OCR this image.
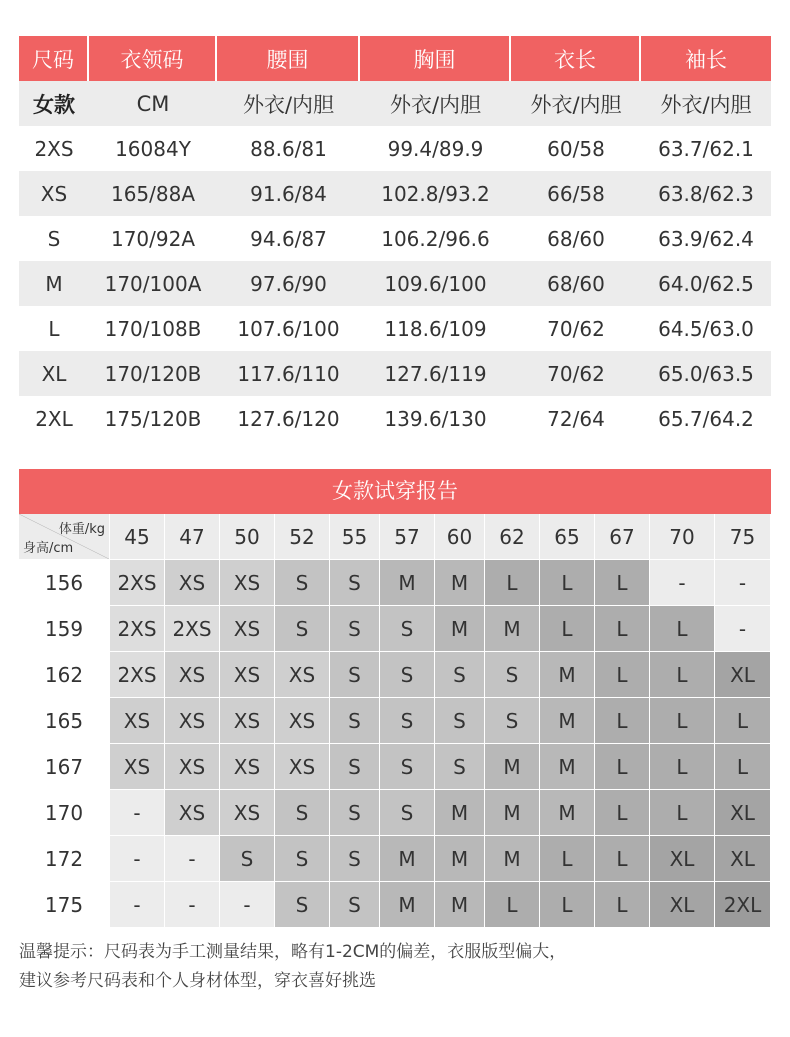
尺码	衣领码	腰围	胸围	衣长	袖长
女款	CM	外衣/内胆	外衣/内胆	外衣/内胆	外衣/内胆
2XS	16084Y	88.6/81	99.4/89.9	60/58	63.7/62.1
XS	165/88A	91.6/84	102.8/93.2	66/58	63.8/62.3
S	170/92A	94.6/87	106.2/96.6	68/60	63.9/62.4
M	170/100A	97.6/90	109.6/100	68/60	64.0/62.5
L	170/108B	107.6/100	118.6/109	70/62	64.5/63.0
XL	170/120B	117.6/110	127.6/119	70/62	65.0/63.5
2XL	175/120B	127.6/120	139.6/130	72/64	65.7/64.2
女款试穿报告
体重/kg
身高/cm	45	47	50	52	55	57	60	62	65	67	70	75
156	2XS	XS	XS	S	S	M	M	L	L	L	-	-
159	2XS	2XS	XS	S	S	S	M	M	L	L	L	-
162	2XS	XS	XS	XS	S	S	S	S	M	L	L	XL
165	XS	XS	XS	XS	S	S	S	S	M	L	L	L
167	XS	XS	XS	XS	S	S	S	M	M	L	L	L
170	-	XS	XS	S	S	S	M	M	M	L	L	XL
172	-	-	S	S	S	M	M	M	L	L	XL	XL
175	-	-	-	S	S	M	M	L	L	L	XL	2XL
温馨提示：尺码表为手工测量结果，略有1-2CM的偏差，衣服版型偏大，
建议参考尺码表和个人身材体型，穿衣喜好挑选
